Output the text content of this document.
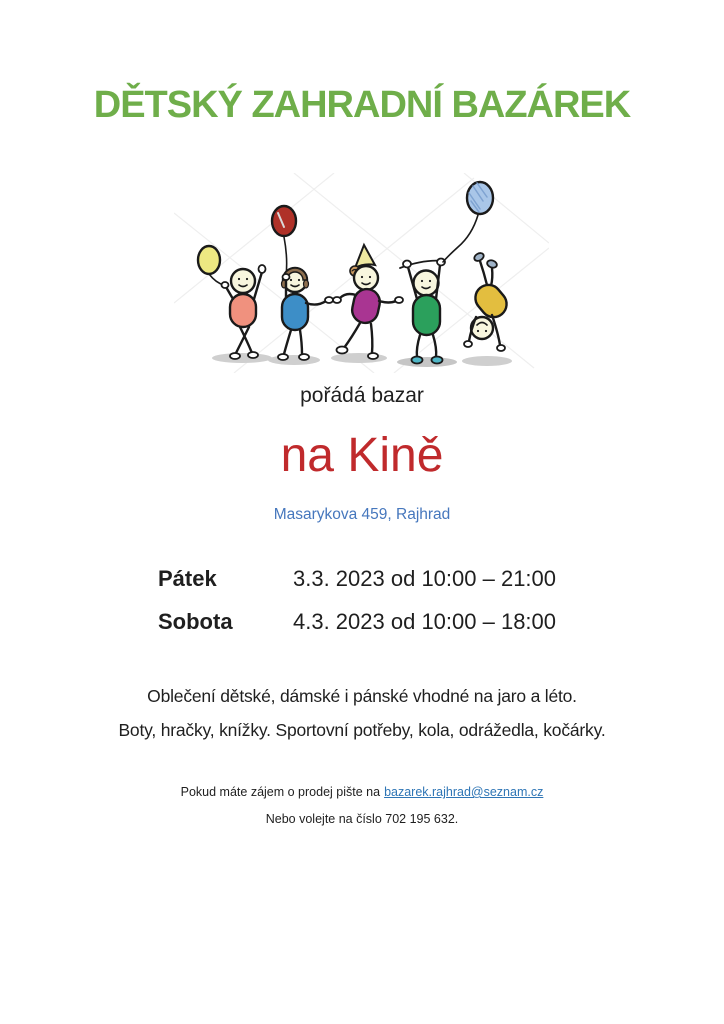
DĚTSKÝ ZAHRADNÍ BAZÁREK
pořádá bazar
na Kině
Masarykova 459, Rajhrad
Pátek	3.3. 2023 od 10:00 – 21:00
Sobota	4.3. 2023 od 10:00 – 18:00

Oblečení dětské, dámské i pánské vhodné na jaro a léto.

Boty, hračky, knížky. Sportovní potřeby, kola, odrážedla, kočárky.

Pokud máte zájem o prodej pište na bazarek.rajhrad@seznam.cz

Nebo volejte na číslo 702 195 632.
